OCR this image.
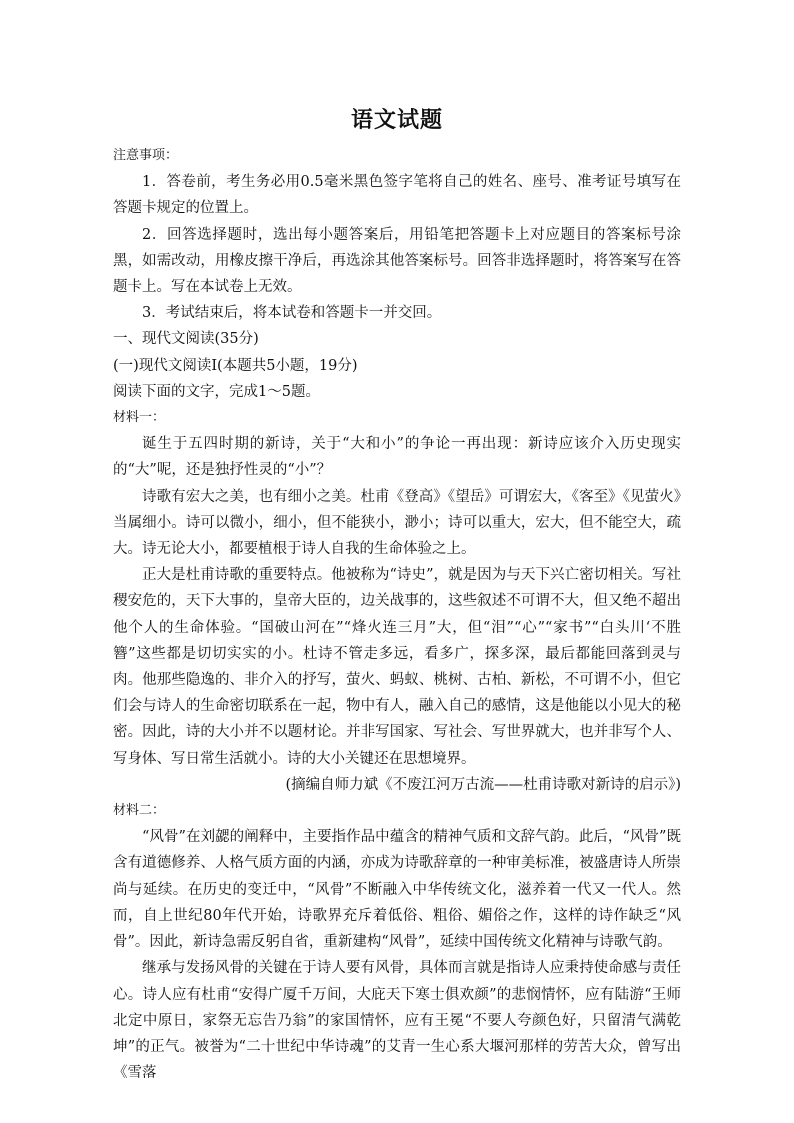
语文试题

注意事项：

1．答卷前，考生务必用0.5毫米黑色签字笔将自己的姓名、座号、准考证号填写在答题卡规定的位置上。

2．回答选择题时，选出每小题答案后，用铅笔把答题卡上对应题目的答案标号涂黑，如需改动，用橡皮擦干净后，再选涂其他答案标号。回答非选择题时，将答案写在答题卡上。写在本试卷上无效。

3．考试结束后，将本试卷和答题卡一并交回。

一、现代文阅读(35分)

(一)现代文阅读Ⅰ(本题共5小题，19分)

阅读下面的文字，完成1～5题。

材料一：

诞生于五四时期的新诗，关于“大和小”的争论一再出现：新诗应该介入历史现实的“大”呢，还是独抒性灵的“小”？

诗歌有宏大之美，也有细小之美。杜甫《登高》《望岳》可谓宏大，《客至》《见萤火》当属细小。诗可以微小，细小，但不能狭小，渺小；诗可以重大，宏大，但不能空大，疏大。诗无论大小，都要植根于诗人自我的生命体验之上。

正大是杜甫诗歌的重要特点。他被称为“诗史”，就是因为与天下兴亡密切相关。写社稷安危的，天下大事的，皇帝大臣的，边关战事的，这些叙述不可谓不大，但又绝不超出他个人的生命体验。“国破山河在”“烽火连三月”大，但“泪”“心”“家书”“白头川‘不胜簪”这些都是切切实实的小。杜诗不管走多远，看多广，探多深，最后都能回落到灵与肉。他那些隐逸的、非介入的抒写，萤火、蚂蚁、桃树、古柏、新松，不可谓不小，但它们会与诗人的生命密切联系在一起，物中有人，融入自己的感情，这是他能以小见大的秘密。因此，诗的大小并不以题材论。并非写国家、写社会、写世界就大，也并非写个人、写身体、写日常生活就小。诗的大小关键还在思想境界。

(摘编自师力斌《不废江河万古流——杜甫诗歌对新诗的启示》)

材料二：

“风骨”在刘勰的阐释中，主要指作品中蕴含的精神气质和文辞气韵。此后，“风骨”既含有道德修养、人格气质方面的内涵，亦成为诗歌辞章的一种审美标准，被盛唐诗人所崇尚与延续。在历史的变迁中，“风骨”不断融入中华传统文化，滋养着一代又一代人。然而，自上世纪80年代开始，诗歌界充斥着低俗、粗俗、媚俗之作，这样的诗作缺乏“风骨”。因此，新诗急需反躬自省，重新建构“风骨”，延续中国传统文化精神与诗歌气韵。

继承与发扬风骨的关键在于诗人要有风骨，具体而言就是指诗人应秉持使命感与责任心。诗人应有杜甫“安得广厦千万间，大庇天下寒士俱欢颜”的悲悯情怀，应有陆游“王师北定中原日，家祭无忘告乃翁”的家国情怀，应有王冕“不要人夸颜色好，只留清气满乾坤”的正气。被誉为“二十世纪中华诗魂”的艾青一生心系大堰河那样的劳苦大众，曾写出《雪落
